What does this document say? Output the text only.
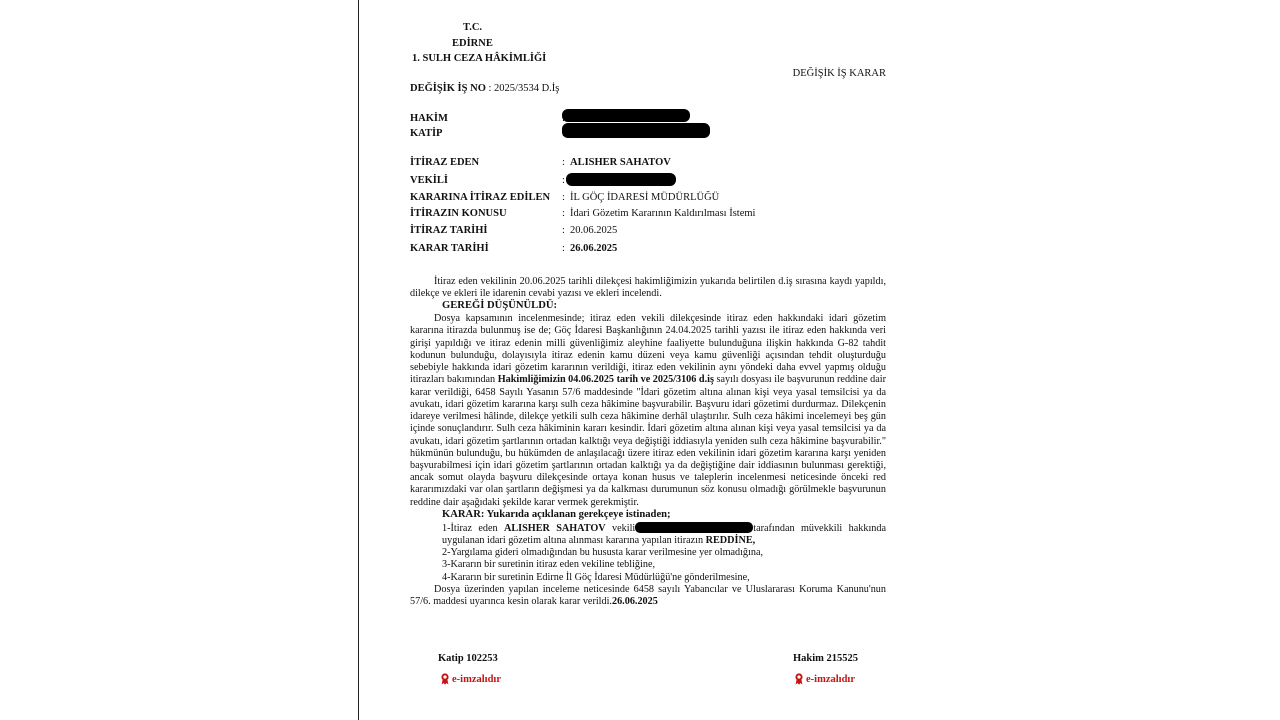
T.C.
EDİRNE
1. SULH CEZA HÂKİMLİĞİ
DEĞİŞİK İŞ KARAR
DEĞİŞİK İŞ NO : 2025/3534 D.İş
HAKİM
KATİP
İTİRAZ EDEN	: ALISHER SAHATOV
VEKİLİ	:
KARARINA İTİRAZ EDİLEN : İL GÖÇ İDARESİ MÜDÜRLÜĞÜ
İTİRAZIN KONUSU	: İdari Gözetim Kararının Kaldırılması İstemi
İTİRAZ TARİHİ	: 20.06.2025
KARAR TARİHİ	: 26.06.2025

İtiraz eden vekilinin 20.06.2025 tarihli dilekçesi hakimliğimizin yukarıda belirtilen d.iş sırasına kaydı yapıldı, dilekçe ve ekleri ile idarenin cevabi yazısı ve ekleri incelendi.

GEREĞİ DÜŞÜNÜLDÜ:

Dosya kapsamının incelenmesinde; itiraz eden vekili dilekçesinde itiraz eden hakkındaki idari gözetim kararına itirazda bulunmuş ise de; Göç İdaresi Başkanlığının 24.04.2025 tarihli yazısı ile itiraz eden hakkında veri girişi yapıldığı ve itiraz edenin milli güvenliğimiz aleyhine faaliyette bulunduğuna ilişkin hakkında G-82 tahdit kodunun bulunduğu, dolayısıyla itiraz edenin kamu düzeni veya kamu güvenliği açısından tehdit oluşturduğu sebebiyle hakkında idari gözetim kararının verildiği, itiraz eden vekilinin aynı yöndeki daha evvel yapmış olduğu itirazları bakımından Hakimliğimizin 04.06.2025 tarih ve 2025/3106 d.iş sayılı dosyası ile başvurunun reddine dair karar verildiği, 6458 Sayılı Yasanın 57/6 maddesinde "İdari gözetim altına alınan kişi veya yasal temsilcisi ya da avukatı, idari gözetim kararına karşı sulh ceza hâkimine başvurabilir. Başvuru idari gözetimi durdurmaz. Dilekçenin idareye verilmesi hâlinde, dilekçe yetkili sulh ceza hâkimine derhâl ulaştırılır. Sulh ceza hâkimi incelemeyi beş gün içinde sonuçlandırır. Sulh ceza hâkiminin kararı kesindir. İdari gözetim altına alınan kişi veya yasal temsilcisi ya da avukatı, idari gözetim şartlarının ortadan kalktığı veya değiştiği iddiasıyla yeniden sulh ceza hâkimine başvurabilir." hükmünün bulunduğu, bu hükümden de anlaşılacağı üzere itiraz eden vekilinin idari gözetim kararına karşı yeniden başvurabilmesi için idari gözetim şartlarının ortadan kalktığı ya da değiştiğine dair iddiasının bulunması gerektiği, ancak somut olayda başvuru dilekçesinde ortaya konan husus ve taleplerin incelenmesi neticesinde önceki red kararımızdaki var olan şartların değişmesi ya da kalkması durumunun söz konusu olmadığı görülmekle başvurunun reddine dair aşağıdaki şekilde karar vermek gerekmiştir.

KARAR: Yukarıda açıklanan gerekçeye istinaden;

1-İtiraz eden ALISHER SAHATOV vekili	tarafından müvekkili hakkında uygulanan idari gözetim altına alınması kararına yapılan itirazın REDDİNE,

2-Yargılama gideri olmadığından bu hususta karar verilmesine yer olmadığına,

3-Kararın bir suretinin itiraz eden vekiline tebliğine,

4-Kararın bir suretinin Edirne İl Göç İdaresi Müdürlüğü'ne gönderilmesine,

Dosya üzerinden yapılan inceleme neticesinde 6458 sayılı Yabancılar ve Uluslararası Koruma Kanunu'nun 57/6. maddesi uyarınca kesin olarak karar verildi.26.06.2025

Katip 102253	Hakim 215525
e-imzalıdır	e-imzalıdır
